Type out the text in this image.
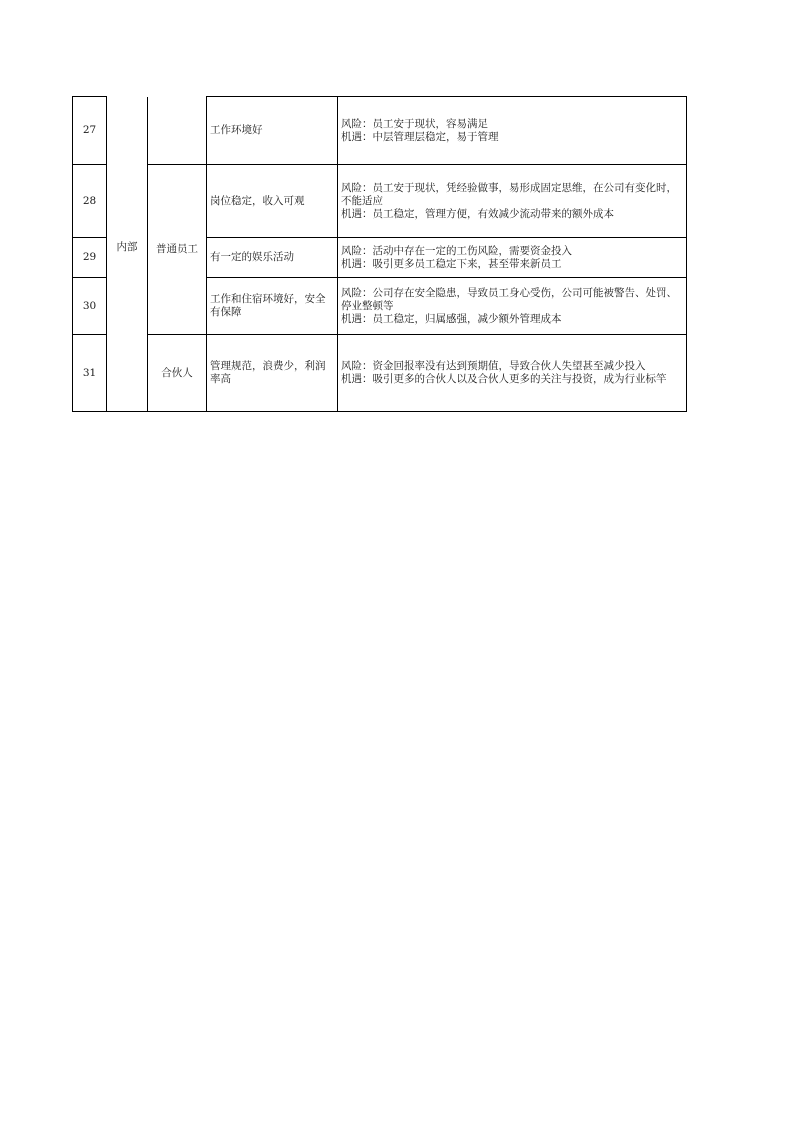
27	内部		工作环境好	风险：员工安于现状，容易满足
机遇：中层管理层稳定，易于管理

28		普通员工	岗位稳定，收入可观	风险：员工安于现状，凭经验做事，易形成固定思维，在公司有变化时，不能适应
机遇：员工稳定，管理方便，有效减少流动带来的额外成本

29			有一定的娱乐活动	风险：活动中存在一定的工伤风险，需要资金投入
机遇：吸引更多员工稳定下来，甚至带来新员工

30			工作和住宿环境好，安全有保障	风险：公司存在安全隐患，导致员工身心受伤，公司可能被警告、处罚、停业整顿等
机遇：员工稳定，归属感强，减少额外管理成本

31		合伙人	管理规范，浪费少，利润率高	风险：资金回报率没有达到预期值，导致合伙人失望甚至减少投入
机遇：吸引更多的合伙人以及合伙人更多的关注与投资，成为行业标竿
